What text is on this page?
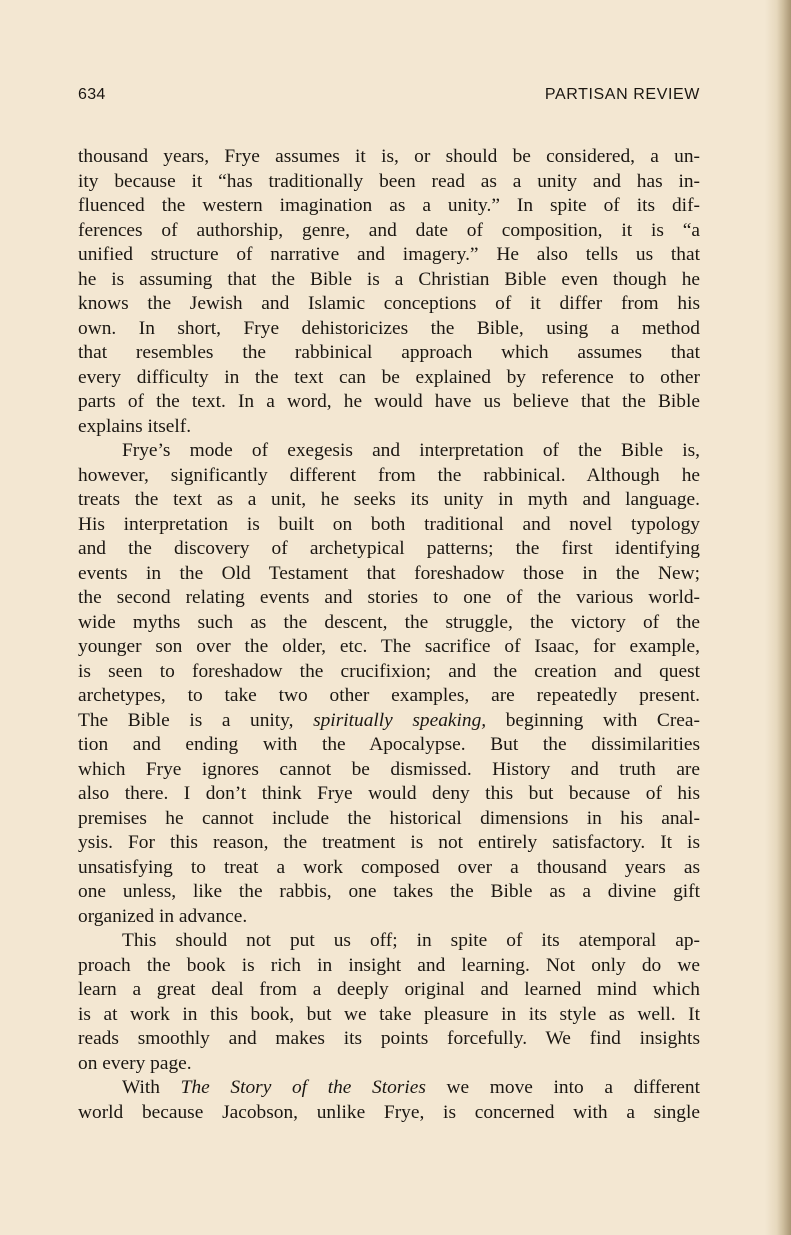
634	PARTISAN REVIEW
thousand years, Frye assumes it is, or should be considered, a un-
ity because it “has traditionally been read as a unity and has in-
fluenced the western imagination as a unity.” In spite of its dif-
ferences of authorship, genre, and date of composition, it is “a
unified structure of narrative and imagery.” He also tells us that
he is assuming that the Bible is a Christian Bible even though he
knows the Jewish and Islamic conceptions of it differ from his
own. In short, Frye dehistoricizes the Bible, using a method
that resembles the rabbinical approach which assumes that
every difficulty in the text can be explained by reference to other
parts of the text. In a word, he would have us believe that the Bible
explains itself.
Frye’s mode of exegesis and interpretation of the Bible is,
however, significantly different from the rabbinical. Although he
treats the text as a unit, he seeks its unity in myth and language.
His interpretation is built on both traditional and novel typology
and the discovery of archetypical patterns; the first identifying
events in the Old Testament that foreshadow those in the New;
the second relating events and stories to one of the various world-
wide myths such as the descent, the struggle, the victory of the
younger son over the older, etc. The sacrifice of Isaac, for example,
is seen to foreshadow the crucifixion; and the creation and quest
archetypes, to take two other examples, are repeatedly present.
The Bible is a unity, spiritually speaking, beginning with Crea-
tion and ending with the Apocalypse. But the dissimilarities
which Frye ignores cannot be dismissed. History and truth are
also there. I don’t think Frye would deny this but because of his
premises he cannot include the historical dimensions in his anal-
ysis. For this reason, the treatment is not entirely satisfactory. It is
unsatisfying to treat a work composed over a thousand years as
one unless, like the rabbis, one takes the Bible as a divine gift
organized in advance.
This should not put us off; in spite of its atemporal ap-
proach the book is rich in insight and learning. Not only do we
learn a great deal from a deeply original and learned mind which
is at work in this book, but we take pleasure in its style as well. It
reads smoothly and makes its points forcefully. We find insights
on every page.
With The Story of the Stories we move into a different
world because Jacobson, unlike Frye, is concerned with a single
